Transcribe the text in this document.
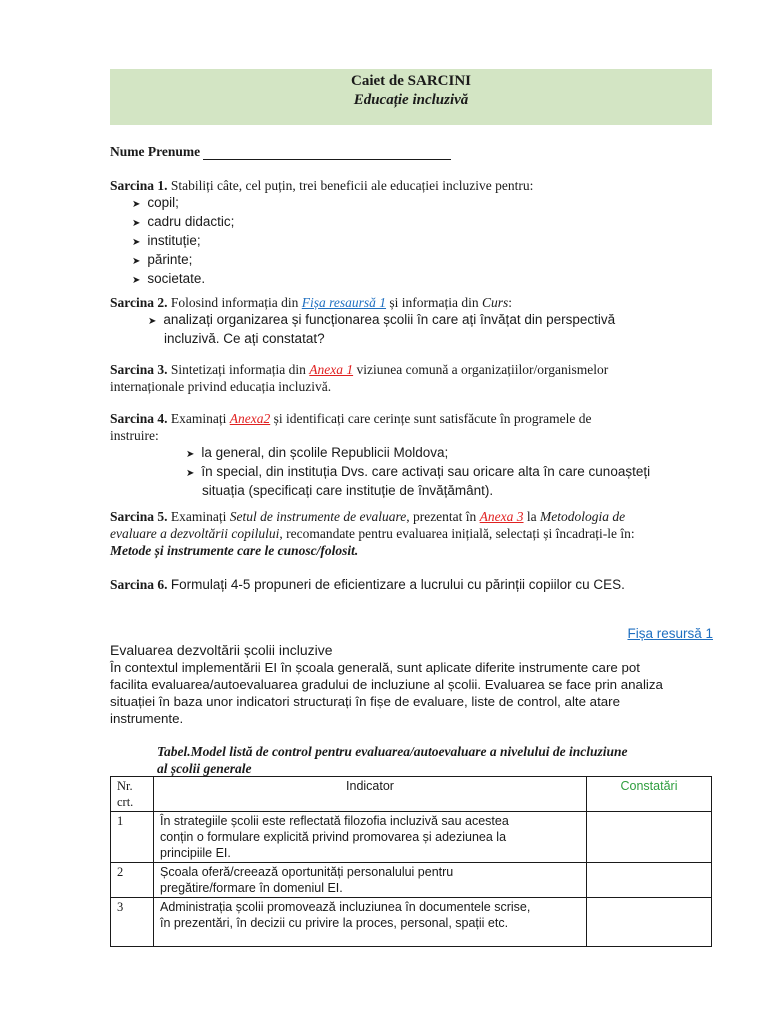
Caiet de SARCINI
Educație incluzivă
Nume Prenume
Sarcina 1. Stabiliți câte, cel puțin, trei beneficii ale educației incluzive pentru:
➤ copil;
➤ cadru didactic;
➤ instituție;
➤ părinte;
➤ societate.
Sarcina 2. Folosind informația din Fișa resaursă 1 și informația din Curs:
➤ analizați organizarea și funcționarea școlii în care ați învățat din perspectivă
incluzivă. Ce ați constatat?
Sarcina 3. Sintetizați informația din Anexa 1 viziunea comună a organizațiilor/organismelor
internaționale privind educația incluzivă.
Sarcina 4. Examinați Anexa2 și identificați care cerințe sunt satisfăcute în programele de
instruire:
➤ la general, din școlile Republicii Moldova;
➤ în special, din instituția Dvs. care activați sau oricare alta în care cunoașteți
situația (specificați care instituție de învățământ).
Sarcina 5. Examinați Setul de instrumente de evaluare, prezentat în Anexa 3 la Metodologia de
evaluare a dezvoltării copilului, recomandate pentru evaluarea inițială, selectați și încadrați-le în:
Metode și instrumente care le cunosc/folosit.
Sarcina 6. Formulați 4-5 propuneri de eficientizare a lucrului cu părinții copiilor cu CES.
Fișa resursă 1
Evaluarea dezvoltării școlii incluzive
În contextul implementării EI în școala generală, sunt aplicate diferite instrumente care pot
facilita evaluarea/autoevaluarea gradului de incluziune al școlii. Evaluarea se face prin analiza
situației în baza unor indicatori structurați în fișe de evaluare, liste de control, alte atare
instrumente.
Tabel.Model listă de control pentru evaluarea/autoevaluare a nivelului de incluziune
al școlii generale
Nr.
crt.	Indicator	Constatări
1	În strategiile școlii este reflectată filozofia incluzivă sau acestea
conțin o formulare explicită privind promovarea și adeziunea la
principiile EI.	

2	Școala oferă/creează oportunități personalului pentru
pregătire/formare în domeniul EI.	

3	Administrația școlii promovează incluziunea în documentele scrise,
în prezentări, în decizii cu privire la proces, personal, spații etc.	
